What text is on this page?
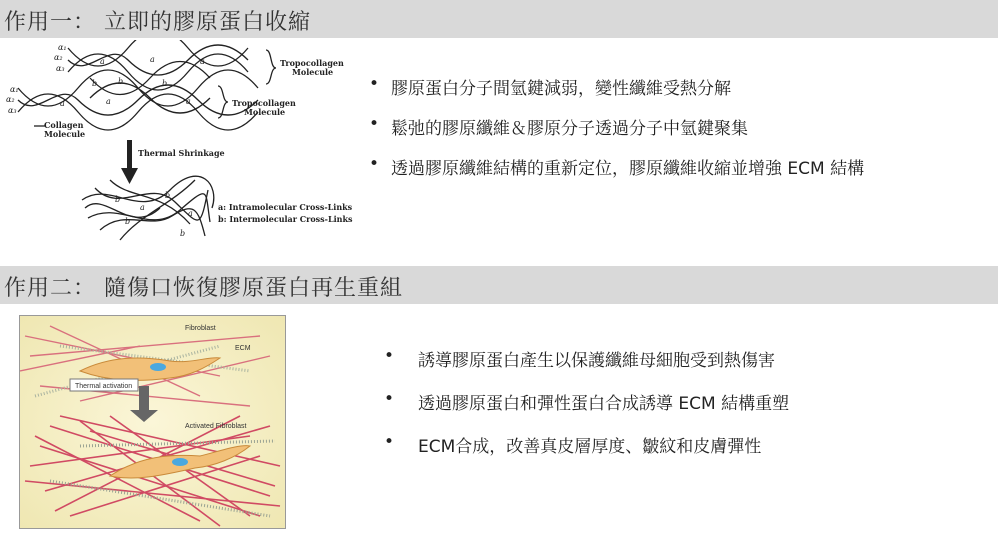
作用一： 立即的膠原蛋白收縮
α₁
α₂
α₃
α₁
α₂
α₃
a	a	a
b	b
b
a	a	a
b
a
b
a
b
b
Tropocollagen
Molecule
Tropocollagen
Molecule
Collagen
Molecule
Thermal Shrinkage
a: Intramolecular Cross-Links
b: Intermolecular Cross-Links
• 膠原蛋白分子間氫鍵減弱，變性纖維受熱分解
• 鬆弛的膠原纖維＆膠原分子透過分子中氫鍵聚集
• 透過膠原纖維結構的重新定位，膠原纖維收縮並增強 ECM 結構
作用二： 隨傷口恢復膠原蛋白再生重組
Fibroblast
ECM
Activated Fibroblast
Thermal activation
• 誘導膠原蛋白產生以保護纖維母細胞受到熱傷害
• 透過膠原蛋白和彈性蛋白合成誘導 ECM 結構重塑
• ECM合成，改善真皮層厚度、皺紋和皮膚彈性
